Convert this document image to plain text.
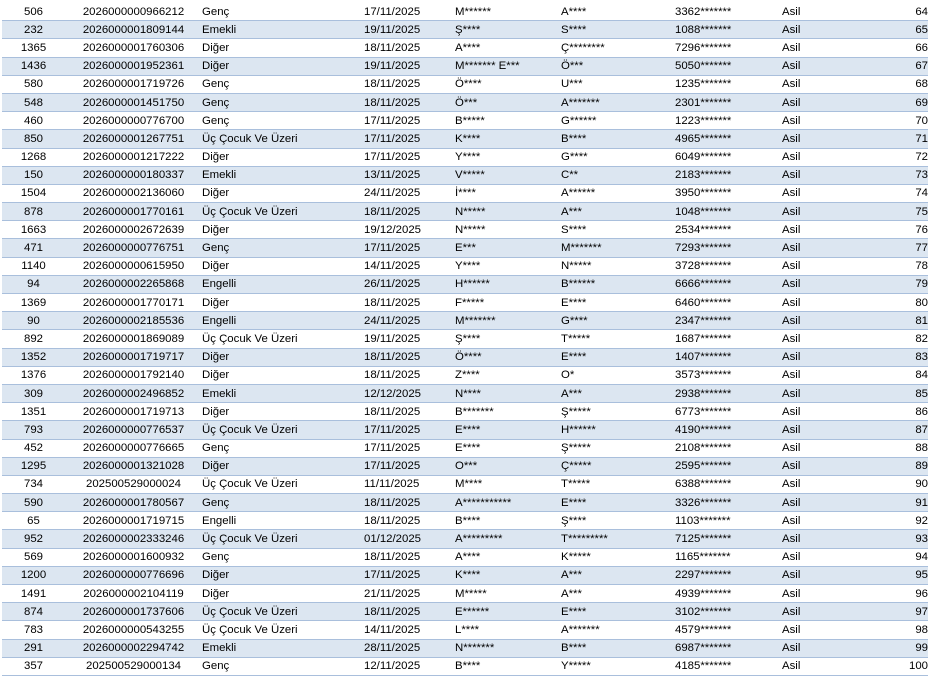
506	2026000000966212	Genç	17/11/2025	M******	A****	3362*******	Asil	64
232	2026000001809144	Emekli	19/11/2025	Ş****	S****	1088*******	Asil	65
1365	2026000001760306	Diğer	18/11/2025	A****	Ç********	7296*******	Asil	66
1436	2026000001952361	Diğer	19/11/2025	M******* E***	Ö***	5050*******	Asil	67
580	2026000001719726	Genç	18/11/2025	Ö****	U***	1235*******	Asil	68
548	2026000001451750	Genç	18/11/2025	Ö***	A*******	2301*******	Asil	69
460	2026000000776700	Genç	17/11/2025	B*****	G******	1223*******	Asil	70
850	2026000001267751	Üç Çocuk Ve Üzeri	17/11/2025	K****	B****	4965*******	Asil	71
1268	2026000001217222	Diğer	17/11/2025	Y****	G****	6049*******	Asil	72
150	2026000000180337	Emekli	13/11/2025	V*****	C**	2183*******	Asil	73
1504	2026000002136060	Diğer	24/11/2025	İ****	A******	3950*******	Asil	74
878	2026000001770161	Üç Çocuk Ve Üzeri	18/11/2025	N*****	A***	1048*******	Asil	75
1663	2026000002672639	Diğer	19/12/2025	N*****	S****	2534*******	Asil	76
471	2026000000776751	Genç	17/11/2025	E***	M*******	7293*******	Asil	77
1140	2026000000615950	Diğer	14/11/2025	Y****	N*****	3728*******	Asil	78
94	2026000002265868	Engelli	26/11/2025	H******	B******	6666*******	Asil	79
1369	2026000001770171	Diğer	18/11/2025	F*****	E****	6460*******	Asil	80
90	2026000002185536	Engelli	24/11/2025	M*******	G****	2347*******	Asil	81
892	2026000001869089	Üç Çocuk Ve Üzeri	19/11/2025	Ş****	T*****	1687*******	Asil	82
1352	2026000001719717	Diğer	18/11/2025	Ö****	E****	1407*******	Asil	83
1376	2026000001792140	Diğer	18/11/2025	Z****	O*	3573*******	Asil	84
309	2026000002496852	Emekli	12/12/2025	N****	A***	2938*******	Asil	85
1351	2026000001719713	Diğer	18/11/2025	B*******	Ş*****	6773*******	Asil	86
793	2026000000776537	Üç Çocuk Ve Üzeri	17/11/2025	E****	H******	4190*******	Asil	87
452	2026000000776665	Genç	17/11/2025	E****	Ş*****	2108*******	Asil	88
1295	2026000001321028	Diğer	17/11/2025	O***	Ç*****	2595*******	Asil	89
734	202500529000024	Üç Çocuk Ve Üzeri	11/11/2025	M****	T*****	6388*******	Asil	90
590	2026000001780567	Genç	18/11/2025	A***********	E****	3326*******	Asil	91
65	2026000001719715	Engelli	18/11/2025	B****	Ş****	1103*******	Asil	92
952	2026000002333246	Üç Çocuk Ve Üzeri	01/12/2025	A*********	T*********	7125*******	Asil	93
569	2026000001600932	Genç	18/11/2025	A****	K*****	1165*******	Asil	94
1200	2026000000776696	Diğer	17/11/2025	K****	A***	2297*******	Asil	95
1491	2026000002104119	Diğer	21/11/2025	M*****	A***	4939*******	Asil	96
874	2026000001737606	Üç Çocuk Ve Üzeri	18/11/2025	E******	E****	3102*******	Asil	97
783	2026000000543255	Üç Çocuk Ve Üzeri	14/11/2025	L****	A*******	4579*******	Asil	98
291	2026000002294742	Emekli	28/11/2025	N*******	B****	6987*******	Asil	99
357	202500529000134	Genç	12/11/2025	B****	Y*****	4185*******	Asil	100
